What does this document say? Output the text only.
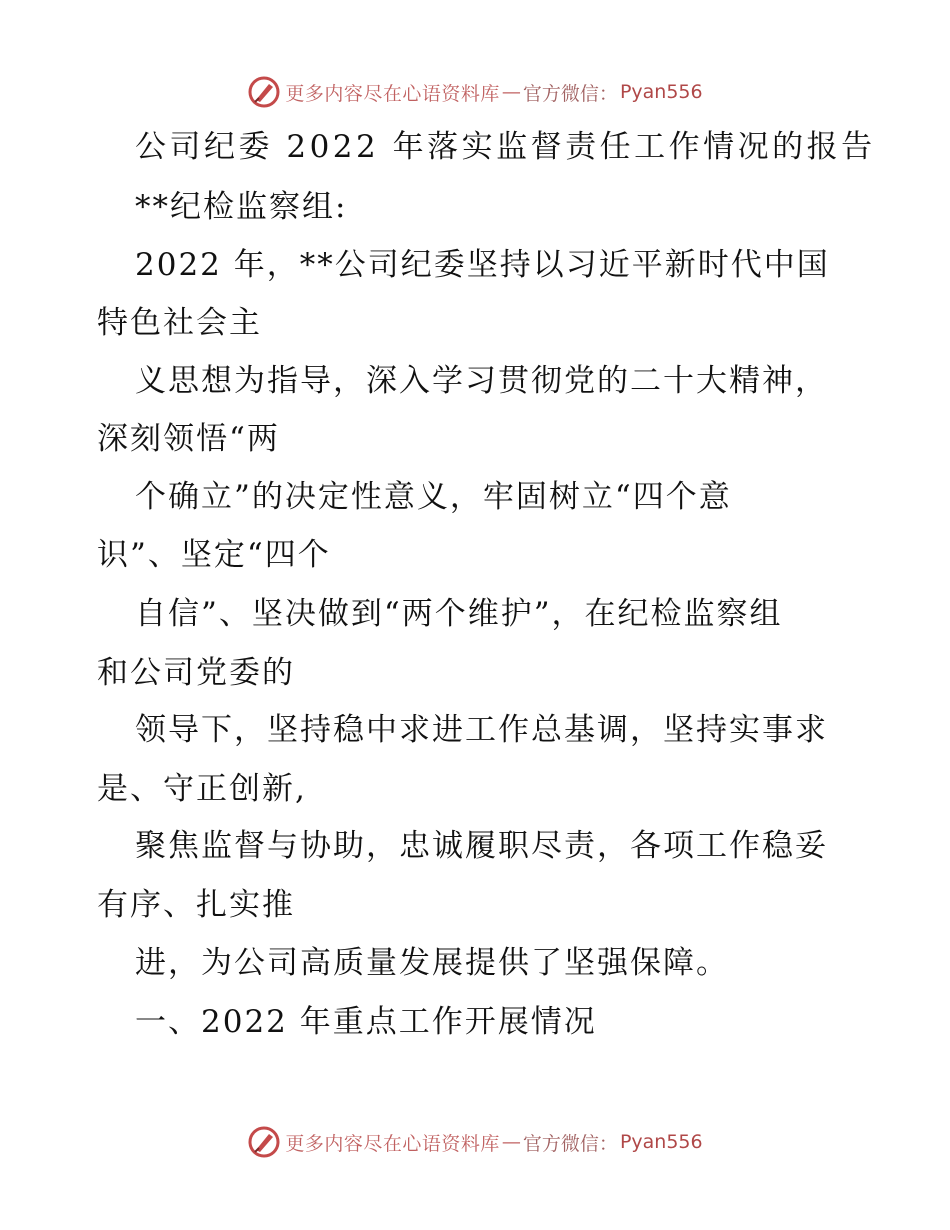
更多内容尽在心语资料库 — 官方微信： Pyan556
公司纪委 2022 年落实监督责任工作情况的报告
**纪检监察组:
2022 年，**公司纪委坚持以习近平新时代中国
特色社会主
义思想为指导，深入学习贯彻党的二十大精神，
深刻领悟“两
个确立”的决定性意义，牢固树立“四个意
识”、坚定“四个
自信”、坚决做到“两个维护”，在纪检监察组
和公司党委的
领导下，坚持稳中求进工作总基调，坚持实事求
是、守正创新,
聚焦监督与协助，忠诚履职尽责，各项工作稳妥
有序、扎实推
进，为公司高质量发展提供了坚强保障。
一、2022 年重点工作开展情况
更多内容尽在心语资料库 — 官方微信： Pyan556
